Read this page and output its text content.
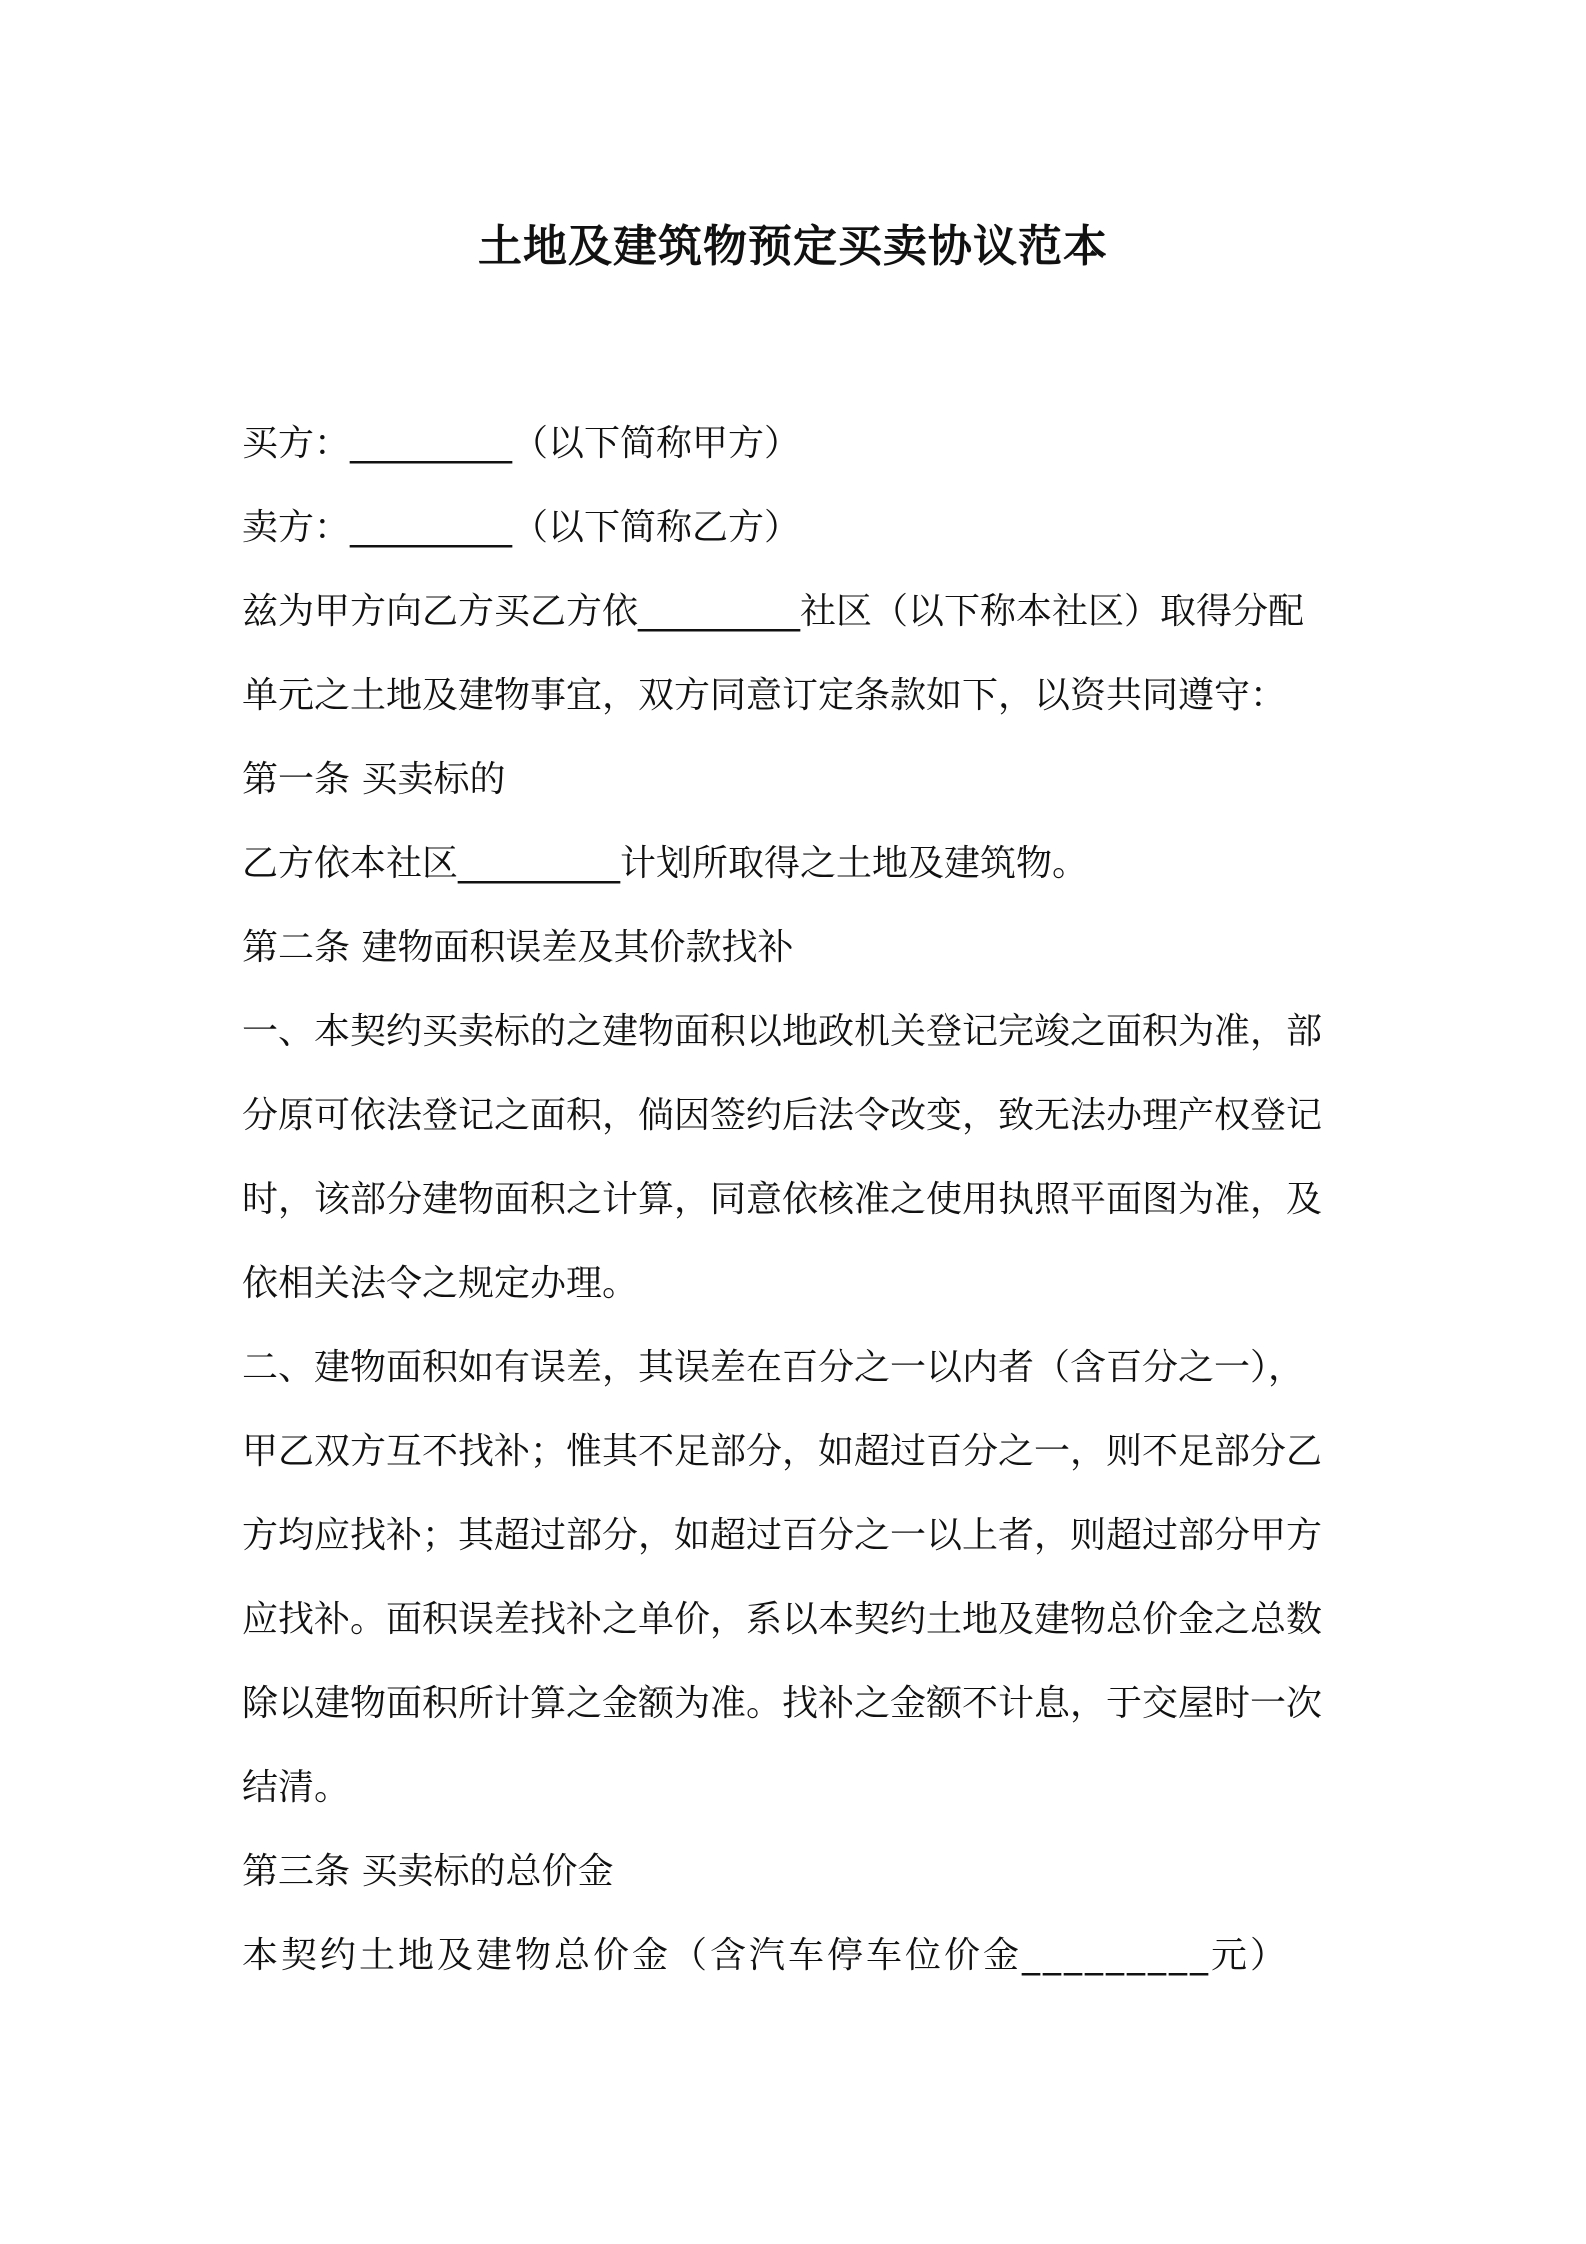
土地及建筑物预定买卖协议范本

买方：_________（以下简称甲方）

卖方：_________（以下简称乙方）

兹为甲方向乙方买乙方依_________社区（以下称本社区）取得分配

单元之土地及建物事宜，双方同意订定条款如下，以资共同遵守：

第一条 买卖标的

乙方依本社区_________计划所取得之土地及建筑物。

第二条 建物面积误差及其价款找补

一、本契约买卖标的之建物面积以地政机关登记完竣之面积为准，部

分原可依法登记之面积，倘因签约后法令改变，致无法办理产权登记

时，该部分建物面积之计算，同意依核准之使用执照平面图为准，及

依相关法令之规定办理。

二、建物面积如有误差，其误差在百分之一以内者（含百分之一），

甲乙双方互不找补；惟其不足部分，如超过百分之一，则不足部分乙

方均应找补；其超过部分，如超过百分之一以上者，则超过部分甲方

应找补。面积误差找补之单价，系以本契约土地及建物总价金之总数

除以建物面积所计算之金额为准。找补之金额不计息，于交屋时一次

结清。

第三条 买卖标的总价金

本契约土地及建物总价金（含汽车停车位价金_________元）
